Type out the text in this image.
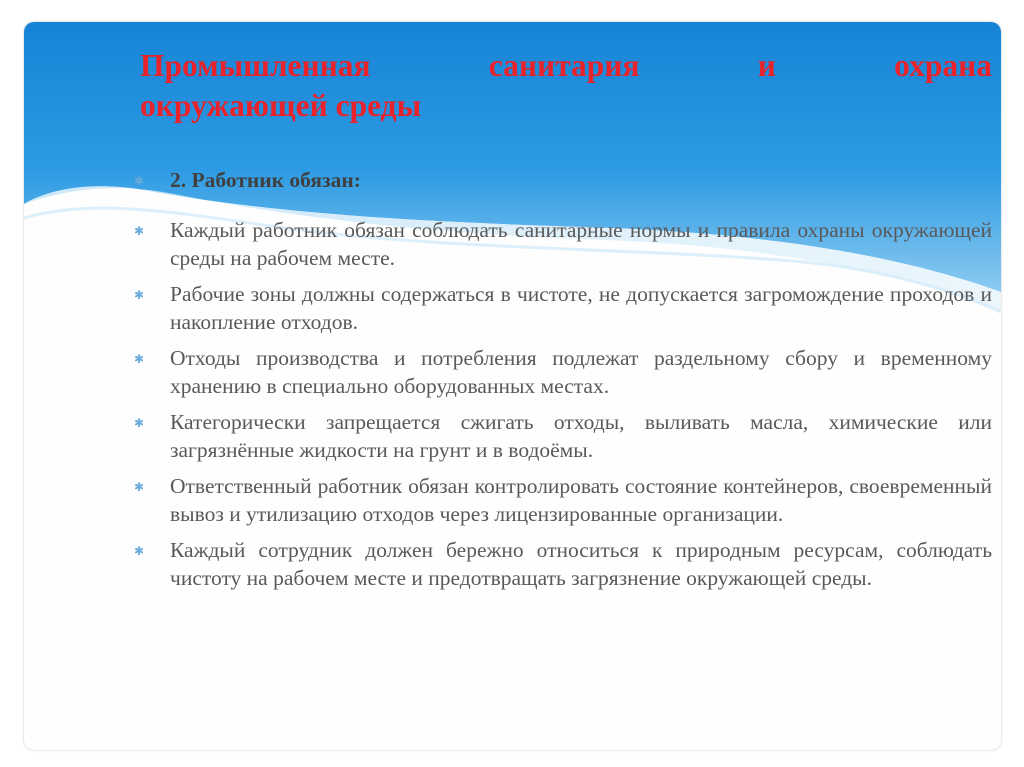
Промышленная	санитария	и	охрана
окружающей среды
✱ 2. Работник обязан:
✱ Каждый работник обязан соблюдать санитарные нормы и правила охраны окружающей среды на рабочем месте.
✱ Рабочие зоны должны содержаться в чистоте, не допускается загромождение проходов и накопление отходов.
✱ Отходы производства и потребления подлежат раздельному сбору и временному хранению в специально оборудованных местах.
✱ Категорически запрещается сжигать отходы, выливать масла, химические или загрязнённые жидкости на грунт и в водоёмы.
✱ Ответственный работник обязан контролировать состояние контейнеров, своевременный вывоз и утилизацию отходов через лицензированные организации.
✱ Каждый сотрудник должен бережно относиться к природным ресурсам, соблюдать чистоту на рабочем месте и предотвращать загрязнение окружающей среды.
